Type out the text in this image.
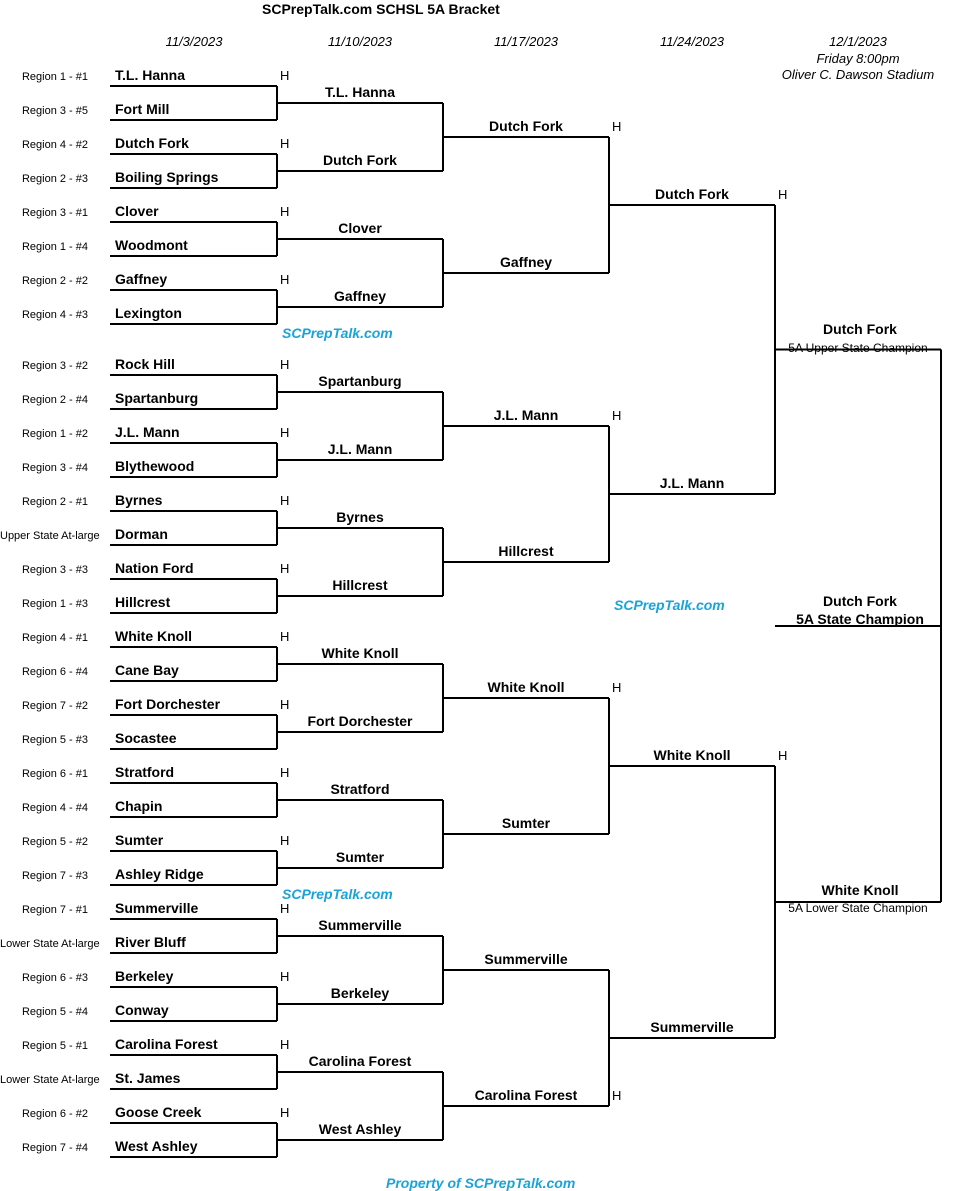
SCPrepTalk.com SCHSL 5A Bracket
11/3/2023	11/10/2023	11/17/2023	11/24/2023	12/1/2023
Friday 8:00pm
Oliver C. Dawson Stadium
Region 1 - #1 T.L. Hanna	H
Region 3 - #5 Fort Mill
Region 4 - #2 Dutch Fork	H
Region 2 - #3 Boiling Springs
Region 3 - #1 Clover	H
Region 1 - #4 Woodmont
Region 2 - #2 Gaffney	H
Region 4 - #3 Lexington
Region 3 - #2 Rock Hill	H
Region 2 - #4 Spartanburg
Region 1 - #2 J.L. Mann	H
Region 3 - #4 Blythewood
Region 2 - #1 Byrnes	H
Upper State At-large Dorman
Region 3 - #3 Nation Ford	H
Region 1 - #3 Hillcrest
Region 4 - #1 White Knoll	H
Region 6 - #4 Cane Bay
Region 7 - #2 Fort Dorchester	H
Region 5 - #3 Socastee
Region 6 - #1 Stratford	H
Region 4 - #4 Chapin
Region 5 - #2 Sumter	H
Region 7 - #3 Ashley Ridge
Region 7 - #1 Summerville	H
Lower State At-large River Bluff
Region 6 - #3 Berkeley	H
Region 5 - #4 Conway
Region 5 - #1 Carolina Forest	H
Lower State At-large St. James
Region 6 - #2 Goose Creek	H
Region 7 - #4 West Ashley
T.L. Hanna
Dutch Fork
Clover
Gaffney
Spartanburg
J.L. Mann
Byrnes
Hillcrest
White Knoll
Fort Dorchester
Stratford
Sumter
Summerville
Berkeley
Carolina Forest
West Ashley
Dutch Fork	H
Gaffney
J.L. Mann	H
Hillcrest
White Knoll	H
Sumter
Summerville
Carolina Forest	H
Dutch Fork	H
J.L. Mann
White Knoll	H
Summerville
Dutch Fork
5A Upper State Champion
Dutch Fork
5A State Champion
White Knoll
5A Lower State Champion
SCPrepTalk.com
SCPrepTalk.com
SCPrepTalk.com
Property of SCPrepTalk.com
